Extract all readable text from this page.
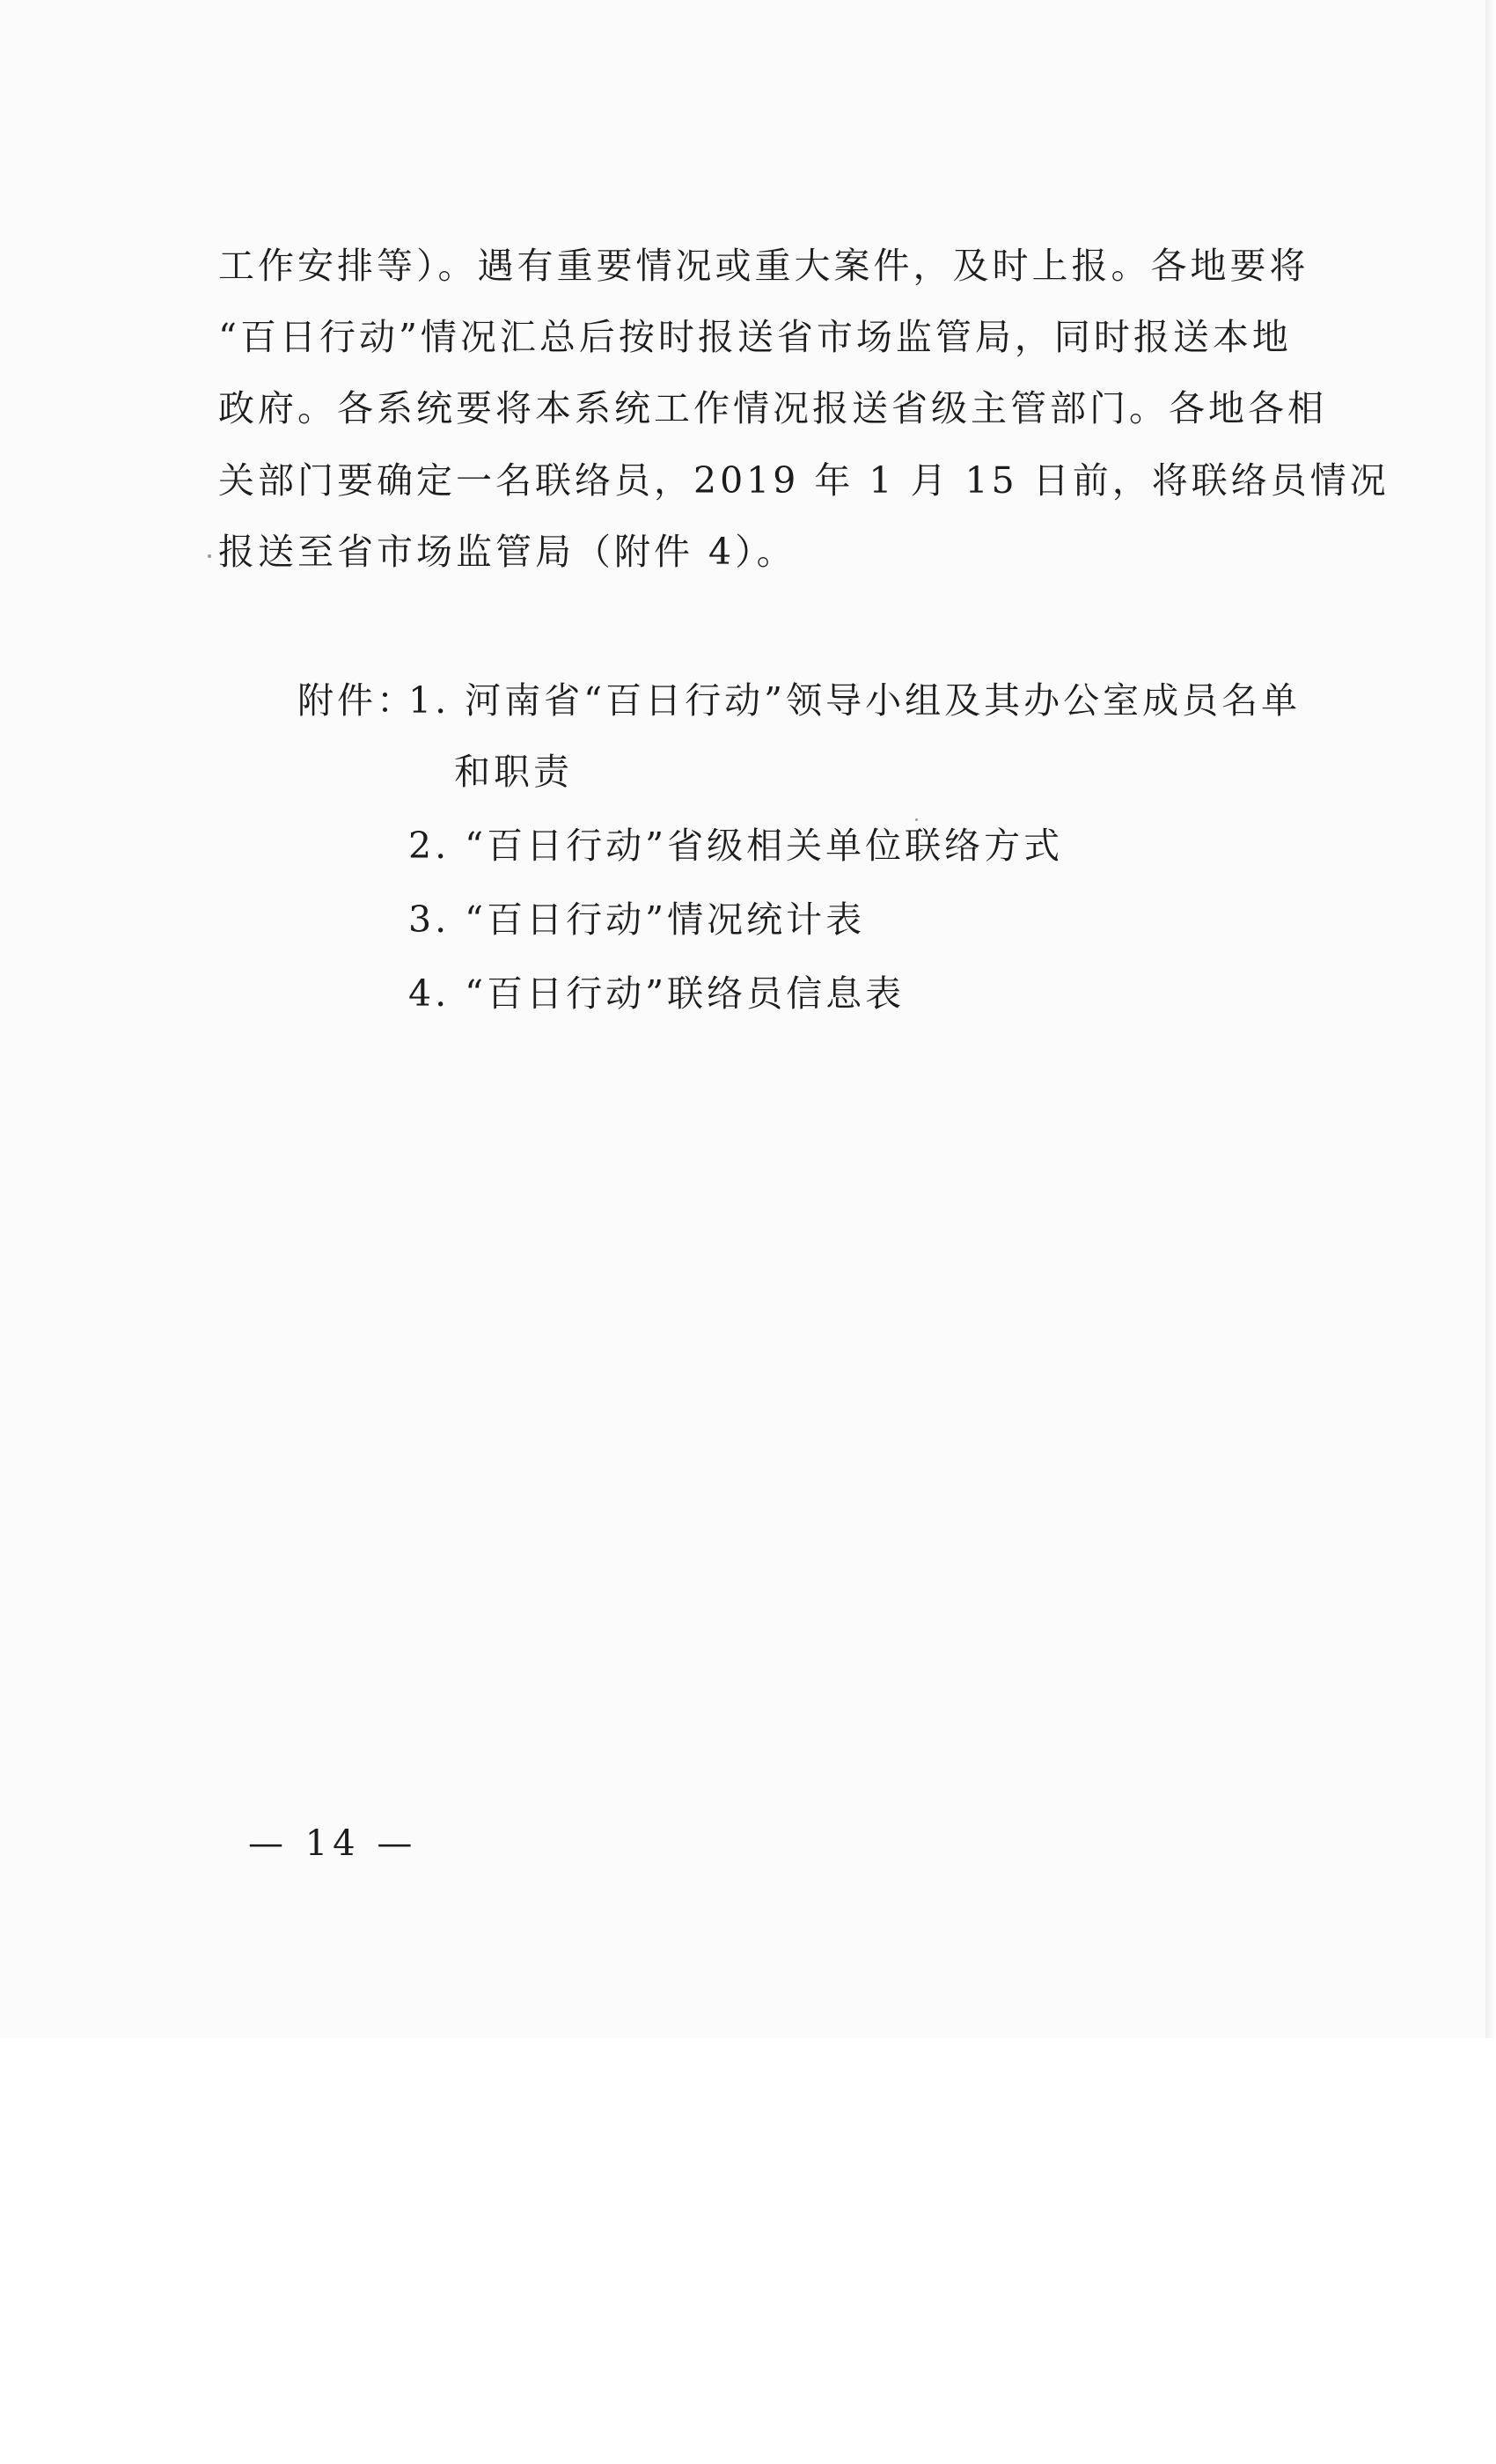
工作安排等）。遇有重要情况或重大案件，及时上报。各地要将
“百日行动”情况汇总后按时报送省市场监管局，同时报送本地
政府。各系统要将本系统工作情况报送省级主管部门。各地各相
关部门要确定一名联络员，2019 年 1 月 15 日前，将联络员情况
报送至省市场监管局（附件 4）。
附件：
1. 河南省“百日行动”领导小组及其办公室成员名单
和职责
2. “百日行动”省级相关单位联络方式
3. “百日行动”情况统计表
4. “百日行动”联络员信息表
— 14 —
